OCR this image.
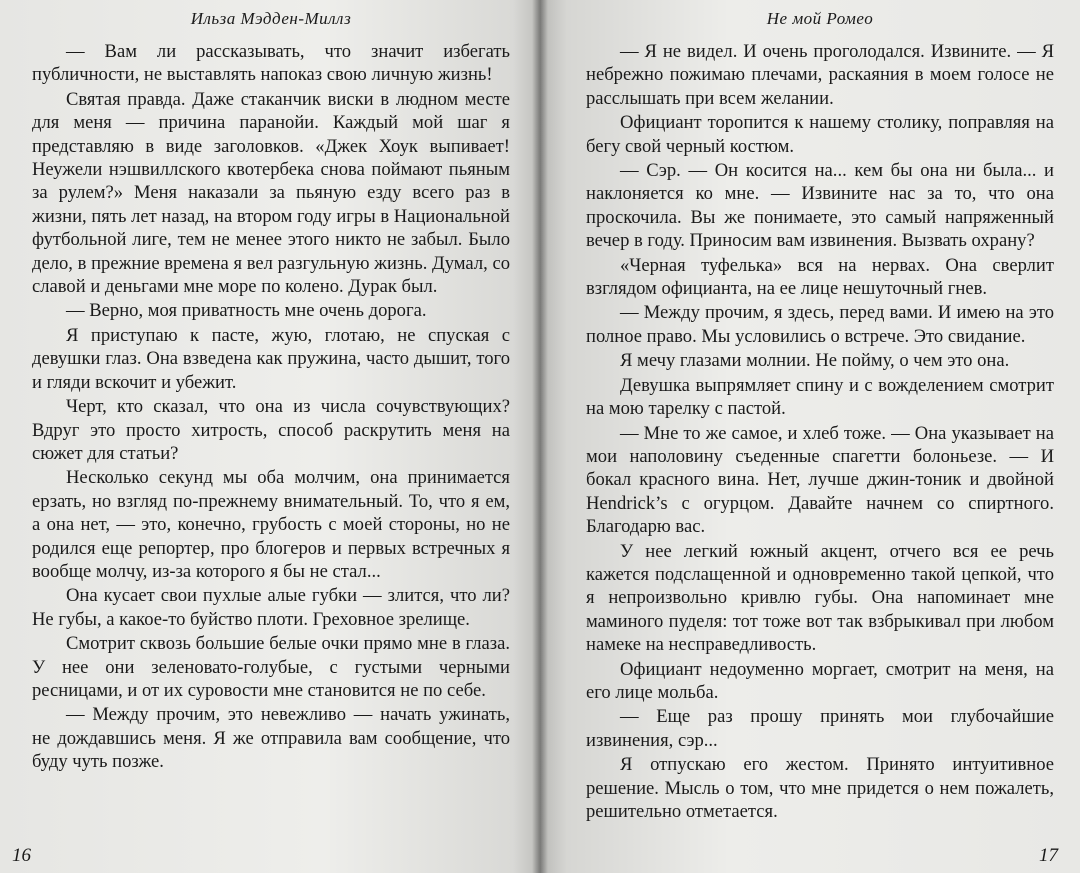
Ильза Мэдден-Миллз

— Вам ли рассказывать, что значит избегать публичности, не выставлять напоказ свою личную жизнь!

Святая правда. Даже стаканчик виски в людном месте для меня — причина паранойи. Каждый мой шаг я представляю в виде заголовков. «Джек Хоук выпивает! Неужели нэшвиллского квотербека снова поймают пьяным за рулем?» Меня наказали за пьяную езду всего раз в жизни, пять лет назад, на втором году игры в Национальной футбольной лиге, тем не менее этого никто не забыл. Было дело, в прежние времена я вел разгульную жизнь. Думал, со славой и деньгами мне море по колено. Дурак был.

— Верно, моя приватность мне очень дорога.

Я приступаю к пасте, жую, глотаю, не спуская с девушки глаз. Она взведена как пружина, часто дышит, того и гляди вскочит и убежит.

Черт, кто сказал, что она из числа сочувствующих? Вдруг это просто хитрость, способ раскрутить меня на сюжет для статьи?

Несколько секунд мы оба молчим, она принимается ерзать, но взгляд по-прежнему внимательный. То, что я ем, а она нет, — это, конечно, грубость с моей стороны, но не родился еще репортер, про блогеров и первых встречных я вообще молчу, из-за которого я бы не стал...

Она кусает свои пухлые алые губки — злится, что ли? Не губы, а какое-то буйство плоти. Греховное зрелище.

Смотрит сквозь большие белые очки прямо мне в глаза. У нее они зеленовато-голубые, с густыми черными ресницами, и от их суровости мне становится не по себе.

— Между прочим, это невежливо — начать ужинать, не дождавшись меня. Я же отправила вам сообщение, что буду чуть позже.

16
Не мой Ромео

— Я не видел. И очень проголодался. Извините. — Я небрежно пожимаю плечами, раскаяния в моем голосе не расслышать при всем желании.

Официант торопится к нашему столику, поправляя на бегу свой черный костюм.

— Сэр. — Он косится на... кем бы она ни была... и наклоняется ко мне. — Извините нас за то, что она проскочила. Вы же понимаете, это самый напряженный вечер в году. Приносим вам извинения. Вызвать охрану?

«Черная туфелька» вся на нервах. Она сверлит взглядом официанта, на ее лице нешуточный гнев.

— Между прочим, я здесь, перед вами. И имею на это полное право. Мы условились о встрече. Это свидание.

Я мечу глазами молнии. Не пойму, о чем это она.

Девушка выпрямляет спину и с вожделением смотрит на мою тарелку с пастой.

— Мне то же самое, и хлеб тоже. — Она указывает на мои наполовину съеденные спагетти болоньезе. — И бокал красного вина. Нет, лучше джин-тоник и двойной Hendrick’s с огурцом. Давайте начнем со спиртного. Благодарю вас.

У нее легкий южный акцент, отчего вся ее речь кажется подслащенной и одновременно такой цепкой, что я непроизвольно кривлю губы. Она напоминает мне маминого пуделя: тот тоже вот так взбрыкивал при любом намеке на несправедливость.

Официант недоуменно моргает, смотрит на меня, на его лице мольба.

— Еще раз прошу принять мои глубочайшие извинения, сэр...

Я отпускаю его жестом. Принято интуитивное решение. Мысль о том, что мне придется о нем пожалеть, решительно отметается.

17
